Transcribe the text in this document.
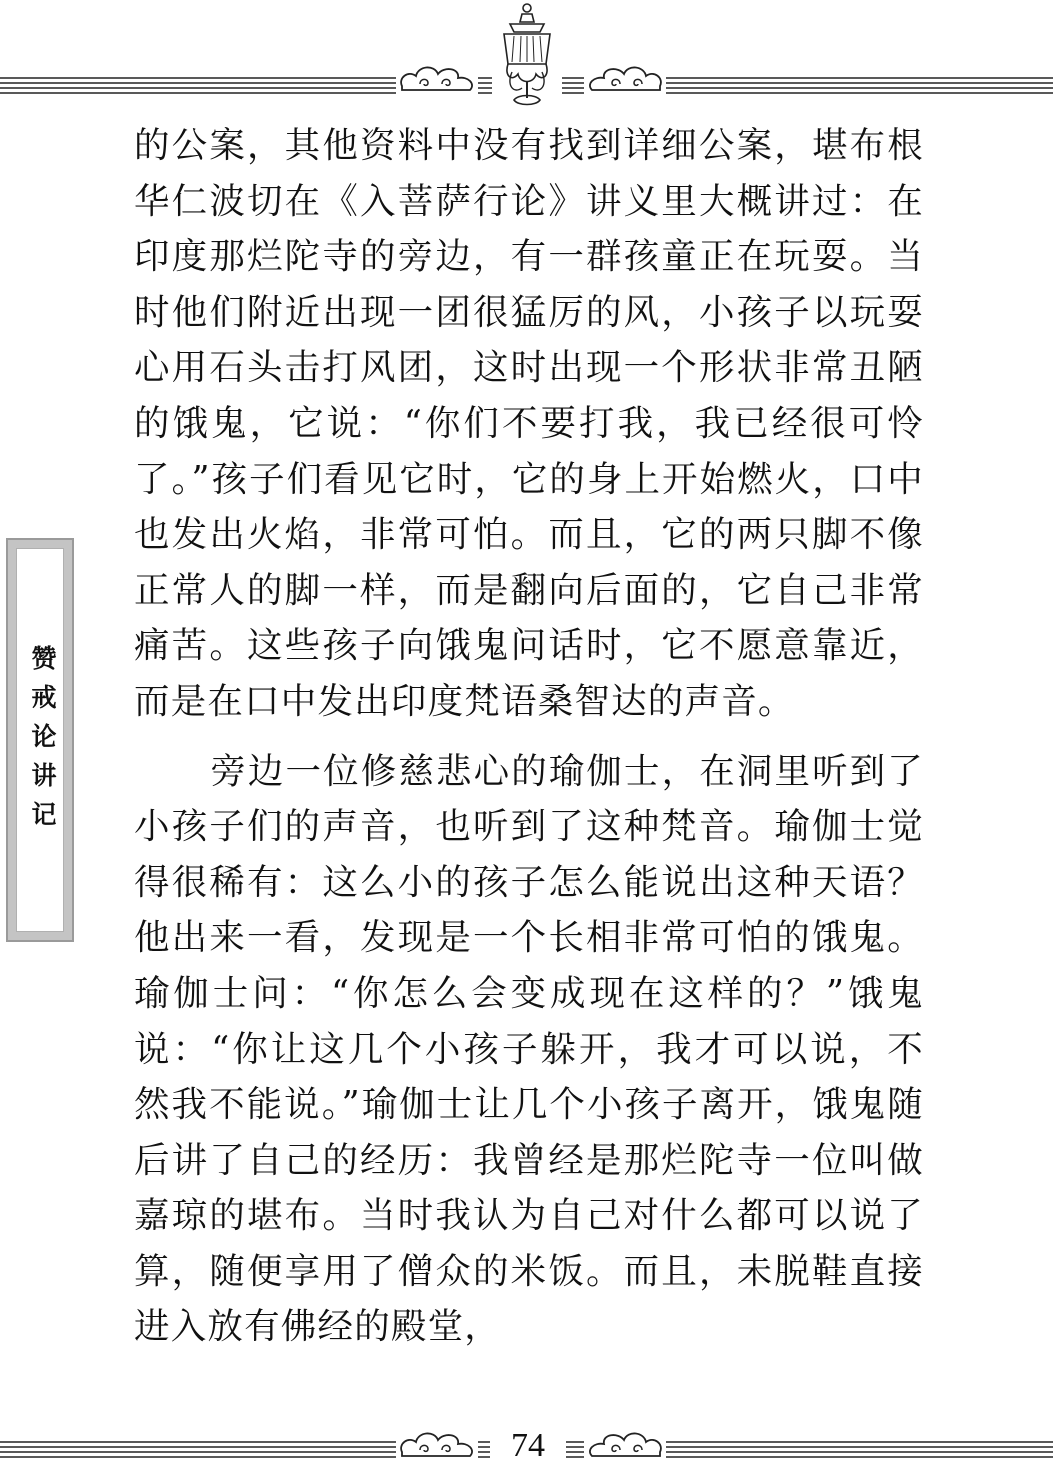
赞戒论讲记

的公案，其他资料中没有找到详细公案，堪布根华仁波切在《入菩萨行论》讲义里大概讲过：在印度那烂陀寺的旁边，有一群孩童正在玩耍。当时他们附近出现一团很猛厉的风，小孩子以玩耍心用石头击打风团，这时出现一个形状非常丑陋的饿鬼，它说：“你们不要打我，我已经很可怜了。”孩子们看见它时，它的身上开始燃火，口中也发出火焰，非常可怕。而且，它的两只脚不像正常人的脚一样，而是翻向后面的，它自己非常痛苦。这些孩子向饿鬼问话时，它不愿意靠近，而是在口中发出印度梵语桑智达的声音。

旁边一位修慈悲心的瑜伽士，在洞里听到了小孩子们的声音，也听到了这种梵音。瑜伽士觉得很稀有：这么小的孩子怎么能说出这种天语？他出来一看，发现是一个长相非常可怕的饿鬼。瑜伽士问：“你怎么会变成现在这样的？”饿鬼说：“你让这几个小孩子躲开，我才可以说，不然我不能说。”瑜伽士让几个小孩子离开，饿鬼随后讲了自己的经历：我曾经是那烂陀寺一位叫做嘉琼的堪布。当时我认为自己对什么都可以说了算，随便享用了僧众的米饭。而且，未脱鞋直接进入放有佛经的殿堂，

74
